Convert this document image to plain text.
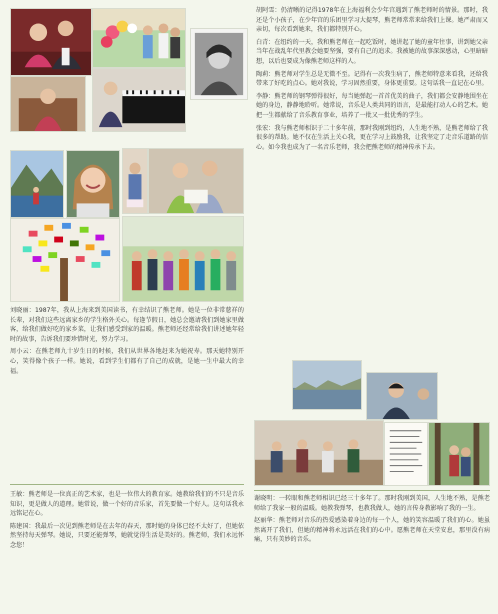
胡阿雪：仍清晰的记得1978年在上海福利会少年宫遇到了熊老师时的情景。那时，我还是个小孩子，在少年宫的乐团里学习大提琴，熊老师常常来给我们上课。她严肃而又亲切，每次看到她来，我们都特别开心。

白青：在纽约的一天，我和熊老师在一起吃饭时，她讲起了她的童年往事，讲到她父亲当年在战乱年代里教会她要坚强，要有自己的追求。我被她的故事深深感动，心里暗暗想，以后也要成为像熊老师这样的人。

陶莉：熊老师对学生总是无微不至。记得有一次我生病了，熊老师特意来看我，还给我带来了好吃的点心。她对我说，学习固然重要，身体更重要。这句话我一直记在心里。

李静：熊老师的钢琴弹得很好，每当她弹起一首首优美的曲子，我们都会安静地围坐在她的身边，静静地聆听。她常说，音乐是人类共同的语言，是最能打动人心的艺术。她把一生都献给了音乐教育事业，培养了一批又一批优秀的学生。

张宏：我与熊老师相识于二十多年前，那时我刚到纽约，人生地不熟，是熊老师给了我很多的帮助。她不仅在生活上关心我，更在学习上鼓励我，让我坚定了走音乐道路的信心。如今我也成为了一名音乐老师，我会把熊老师的精神传承下去。

刘晓丽：1987年，我从上海来到美国读书，有幸结识了熊老师。她是一位非常慈祥的长辈，对我们这些远离家乡的学生格外关心。每逢节假日，她总会邀请我们到她家里做客，给我们做好吃的家乡菜，让我们感受到家的温暖。熊老师还经常给我们讲述她年轻时的故事，告诉我们要珍惜时光，努力学习。

周小云：在熊老师九十岁生日的时候，我们从世界各地赶来为她祝寿。那天她特别开心，笑得像个孩子一样。她说，看到学生们都有了自己的成就，是她一生中最大的幸福。

王敏：熊老师是一位真正的艺术家，也是一位伟大的教育家。她教给我们的不只是音乐知识，更是做人的道理。她常说，做一个好的音乐家，首先要做一个好人。这句话我永远铭记在心。

陈建国：我最后一次见到熊老师是在去年的春天，那时她的身体已经不太好了，但她依然坚持每天弹琴。她说，只要还能弹琴，她就觉得生活是美好的。熊老师，我们永远怀念您！

谢晓明：一转眼和熊老师相识已经三十多年了。那时我刚到美国，人生地不熟，是熊老师给了我家一般的温暖。她教我弹琴，也教我做人，她的言传身教影响了我的一生。

赵丽华：熊老师对音乐的热爱感染着身边的每一个人，她的笑容温暖了我们的心。她虽然离开了我们，但她的精神将永远活在我们的心中。愿熊老师在天堂安息，那里没有病痛，只有美妙的音乐。
